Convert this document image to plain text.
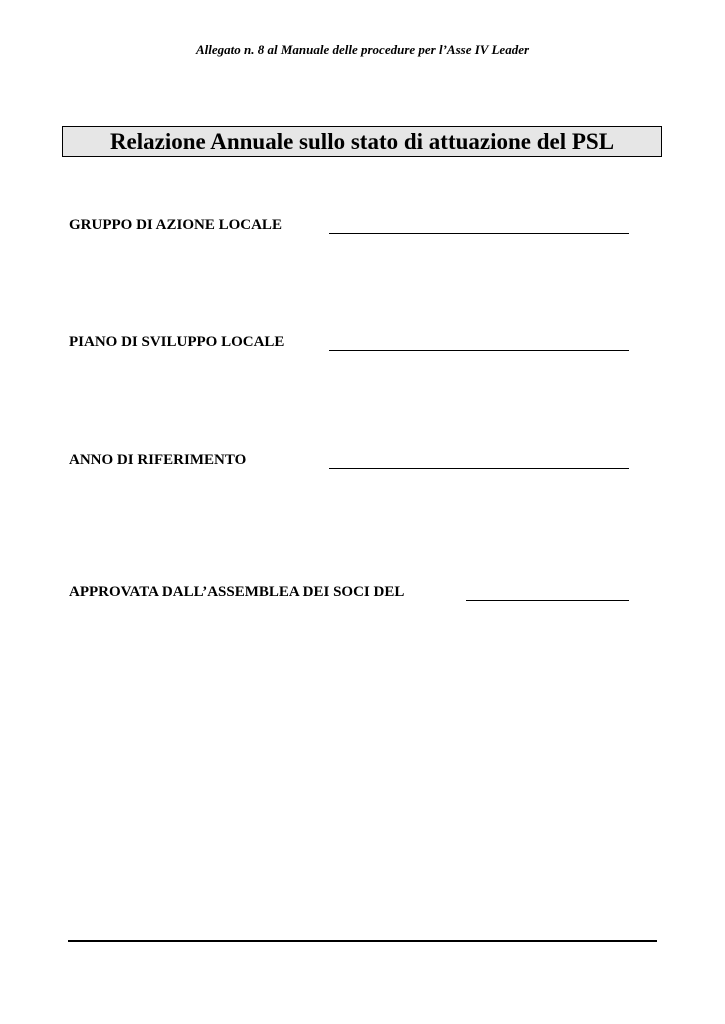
Allegato n. 8 al Manuale delle procedure per l’Asse IV Leader
Relazione Annuale sullo stato di attuazione del PSL
GRUPPO DI AZIONE LOCALE
PIANO DI SVILUPPO LOCALE
ANNO DI RIFERIMENTO
APPROVATA DALL’ASSEMBLEA DEI SOCI DEL
